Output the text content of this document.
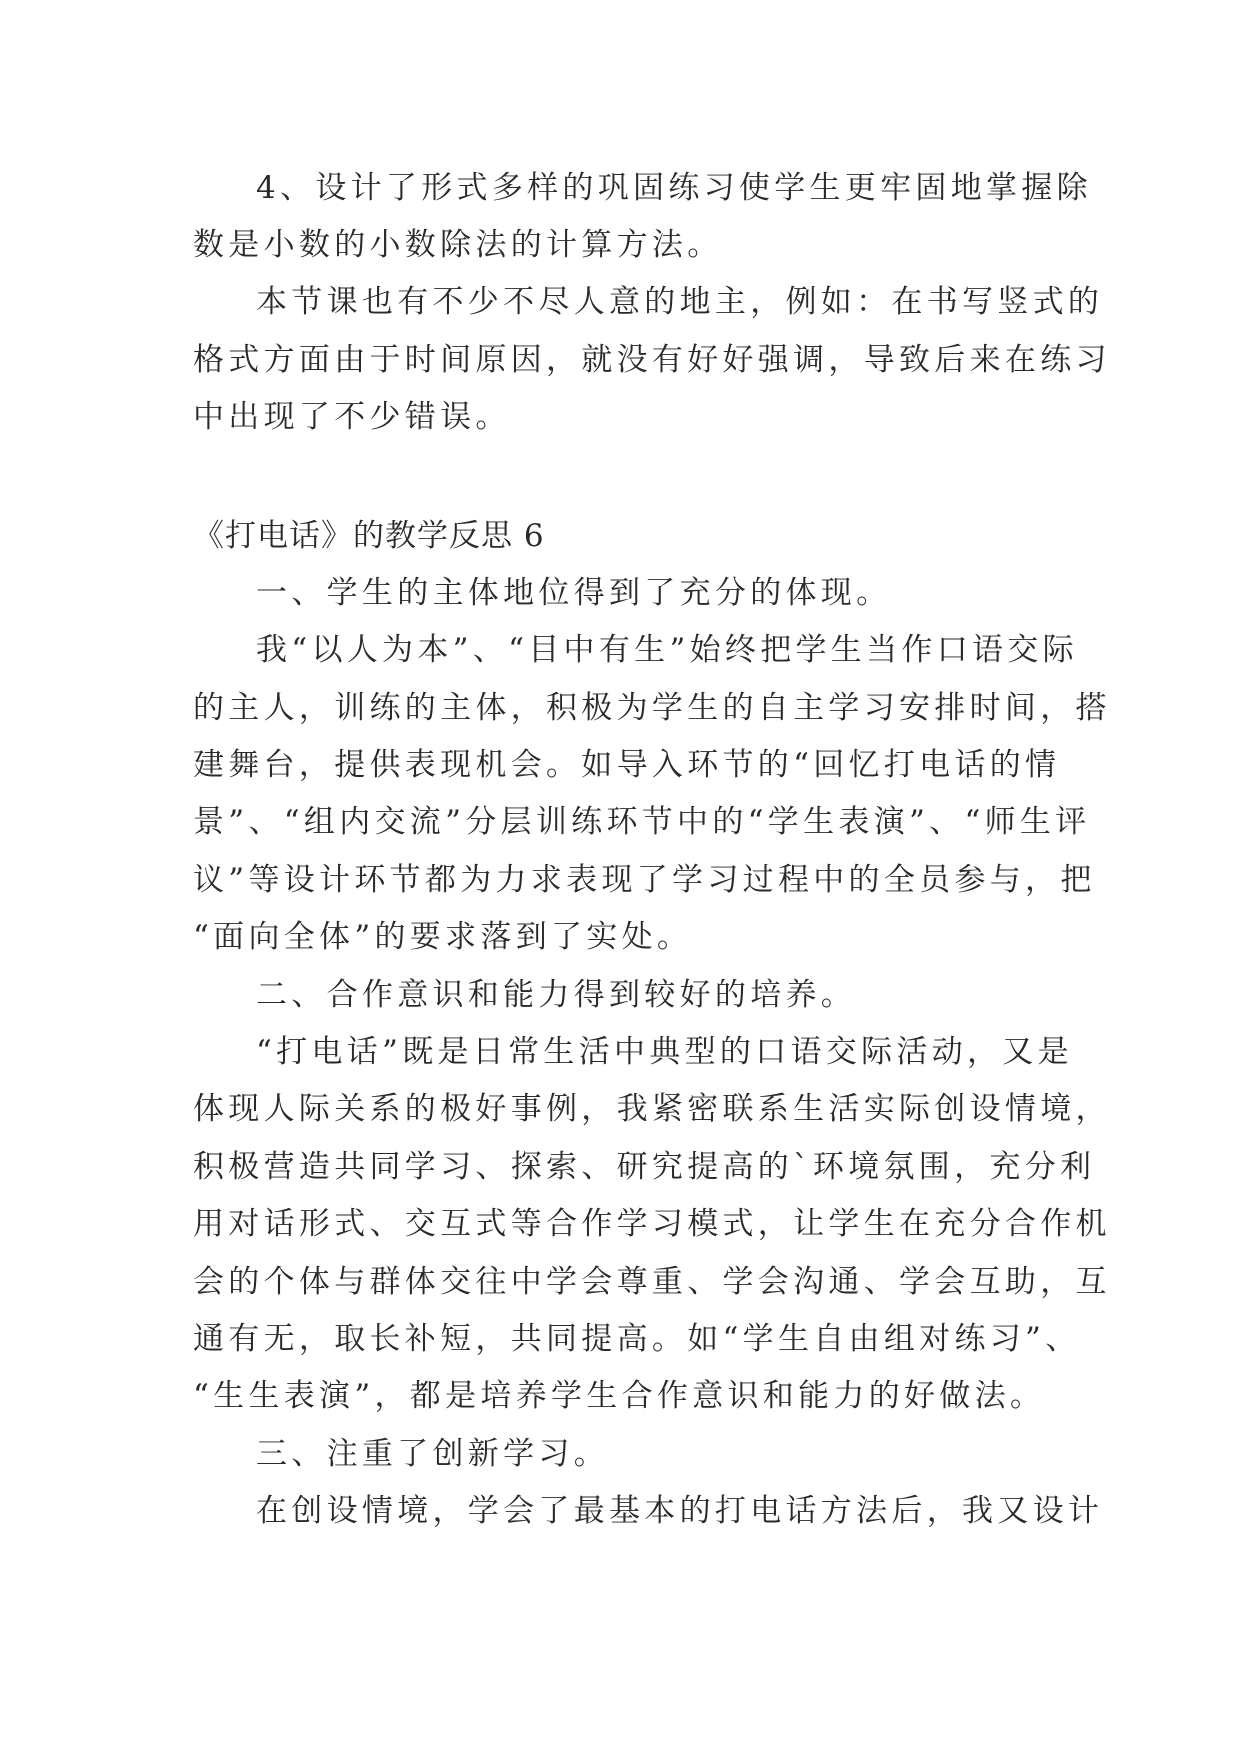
4、设计了形式多样的巩固练习使学生更牢固地掌握除

数是小数的小数除法的计算方法。

本节课也有不少不尽人意的地主，例如：在书写竖式的

格式方面由于时间原因，就没有好好强调，导致后来在练习

中出现了不少错误。

《打电话》的教学反思 6

一、学生的主体地位得到了充分的体现。

我“以人为本”、“目中有生”始终把学生当作口语交际

的主人，训练的主体，积极为学生的自主学习安排时间，搭

建舞台，提供表现机会。如导入环节的“回忆打电话的情

景”、“组内交流”分层训练环节中的“学生表演”、“师生评

议”等设计环节都为力求表现了学习过程中的全员参与，把

“面向全体”的要求落到了实处。

二、合作意识和能力得到较好的培养。

“打电话”既是日常生活中典型的口语交际活动，又是

体现人际关系的极好事例，我紧密联系生活实际创设情境，

积极营造共同学习、探索、研究提高的`环境氛围，充分利

用对话形式、交互式等合作学习模式，让学生在充分合作机

会的个体与群体交往中学会尊重、学会沟通、学会互助，互

通有无，取长补短，共同提高。如“学生自由组对练习”、

“生生表演”，都是培养学生合作意识和能力的好做法。

三、注重了创新学习。

在创设情境，学会了最基本的打电话方法后，我又设计
